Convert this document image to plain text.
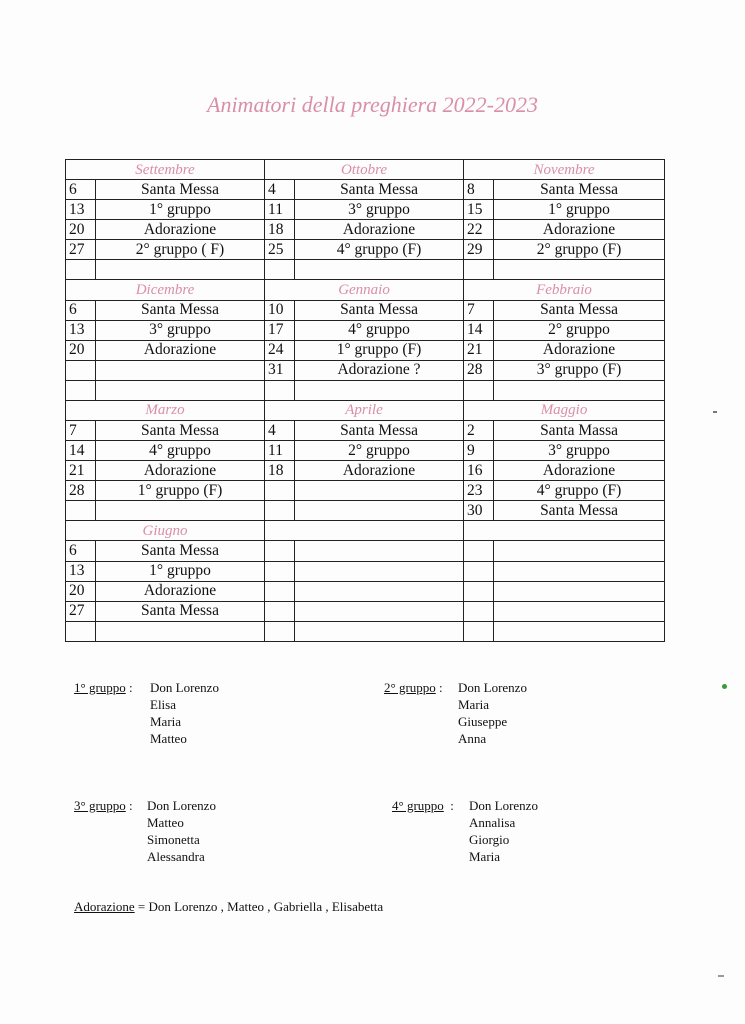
Animatori della preghiera 2022-2023
Settembre		Ottobre		Novembre	
6	Santa Messa	4	Santa Messa	8	Santa Messa
13	1° gruppo	11	3° gruppo	15	1° gruppo
20	Adorazione	18	Adorazione	22	Adorazione
27	2° gruppo ( F)	25	4° gruppo (F)	29	2° gruppo (F)

Dicembre		Gennaio		Febbraio	
6	Santa Messa	10	Santa Messa	7	Santa Messa
13	3° gruppo	17	4° gruppo	14	2° gruppo
20	Adorazione	24	1° gruppo (F)	21	Adorazione
		31	Adorazione ?	28	3° gruppo (F)

Marzo		Aprile		Maggio	
7	Santa Messa	4	Santa Messa	2	Santa Massa
14	4° gruppo	11	2° gruppo	9	3° gruppo
21	Adorazione	18	Adorazione	16	Adorazione
28	1° gruppo (F)			23	4° gruppo (F)
				30	Santa Messa
Giugno					
6	Santa Messa				
13	1° gruppo				
20	Adorazione				
27	Santa Messa				

1° gruppo : Don Lorenzo
Elisa
Maria
Matteo
2° gruppo : Don Lorenzo
Maria
Giuseppe
Anna
3° gruppo : Don Lorenzo
Matteo
Simonetta
Alessandra
4° gruppo  : Don Lorenzo
Annalisa
Giorgio
Maria
Adorazione = Don Lorenzo , Matteo , Gabriella , Elisabetta
